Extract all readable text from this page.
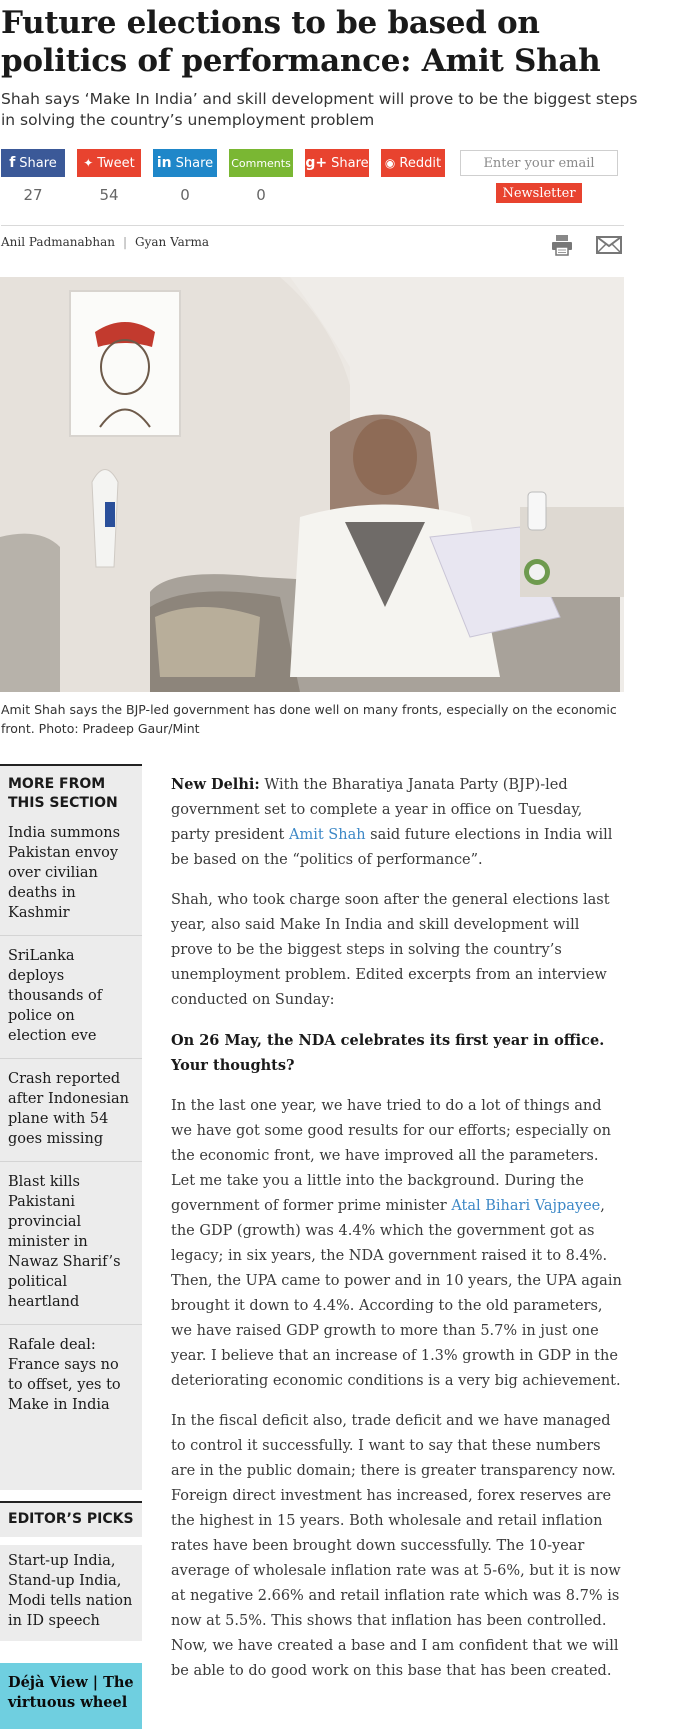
Future elections to be based on politics of performance: Amit Shah
Shah says ‘Make In India’ and skill development will prove to be the biggest steps in solving the country’s unemployment problem
f Share ✦ Tweet in Share Comments g+ Share ◉ Reddit
27	54	0	0
Enter your email	Newsletter
Anil Padmanabhan | Gyan Varma
Amit Shah says the BJP-led government has done well on many fronts, especially on the economic front. Photo: Pradeep Gaur/Mint
MORE FROM THIS SECTION
India summons Pakistan envoy over civilian deaths in Kashmir
SriLanka deploys thousands of police on election eve
Crash reported after Indonesian plane with 54 goes missing
Blast kills Pakistani provincial minister in Nawaz Sharif’s political heartland
Rafale deal: France says no to offset, yes to Make in India
EDITOR’S PICKS
Start-up India, Stand-up India, Modi tells nation in ID speech
Déjà View | The virtuous wheel

New Delhi: With the Bharatiya Janata Party (BJP)-led government set to complete a year in office on Tuesday, party president Amit Shah said future elections in India will be based on the “politics of performance”.

Shah, who took charge soon after the general elections last year, also said Make In India and skill development will prove to be the biggest steps in solving the country’s unemployment problem. Edited excerpts from an interview conducted on Sunday:

On 26 May, the NDA celebrates its first year in office. Your thoughts?

In the last one year, we have tried to do a lot of things and we have got some good results for our efforts; especially on the economic front, we have improved all the parameters. Let me take you a little into the background. During the government of former prime minister Atal Bihari Vajpayee, the GDP (growth) was 4.4% which the government got as legacy; in six years, the NDA government raised it to 8.4%. Then, the UPA came to power and in 10 years, the UPA again brought it down to 4.4%. According to the old parameters, we have raised GDP growth to more than 5.7% in just one year. I believe that an increase of 1.3% growth in GDP in the deteriorating economic conditions is a very big achievement.

In the fiscal deficit also, trade deficit and we have managed to control it successfully. I want to say that these numbers are in the public domain; there is greater transparency now. Foreign direct investment has increased, forex reserves are the highest in 15 years. Both wholesale and retail inflation rates have been brought down successfully. The 10-year average of wholesale inflation rate was at 5-6%, but it is now at negative 2.66% and retail inflation rate which was 8.7% is now at 5.5%. This shows that inflation has been controlled. Now, we have created a base and I am confident that we will be able to do good work on this base that has been created.
